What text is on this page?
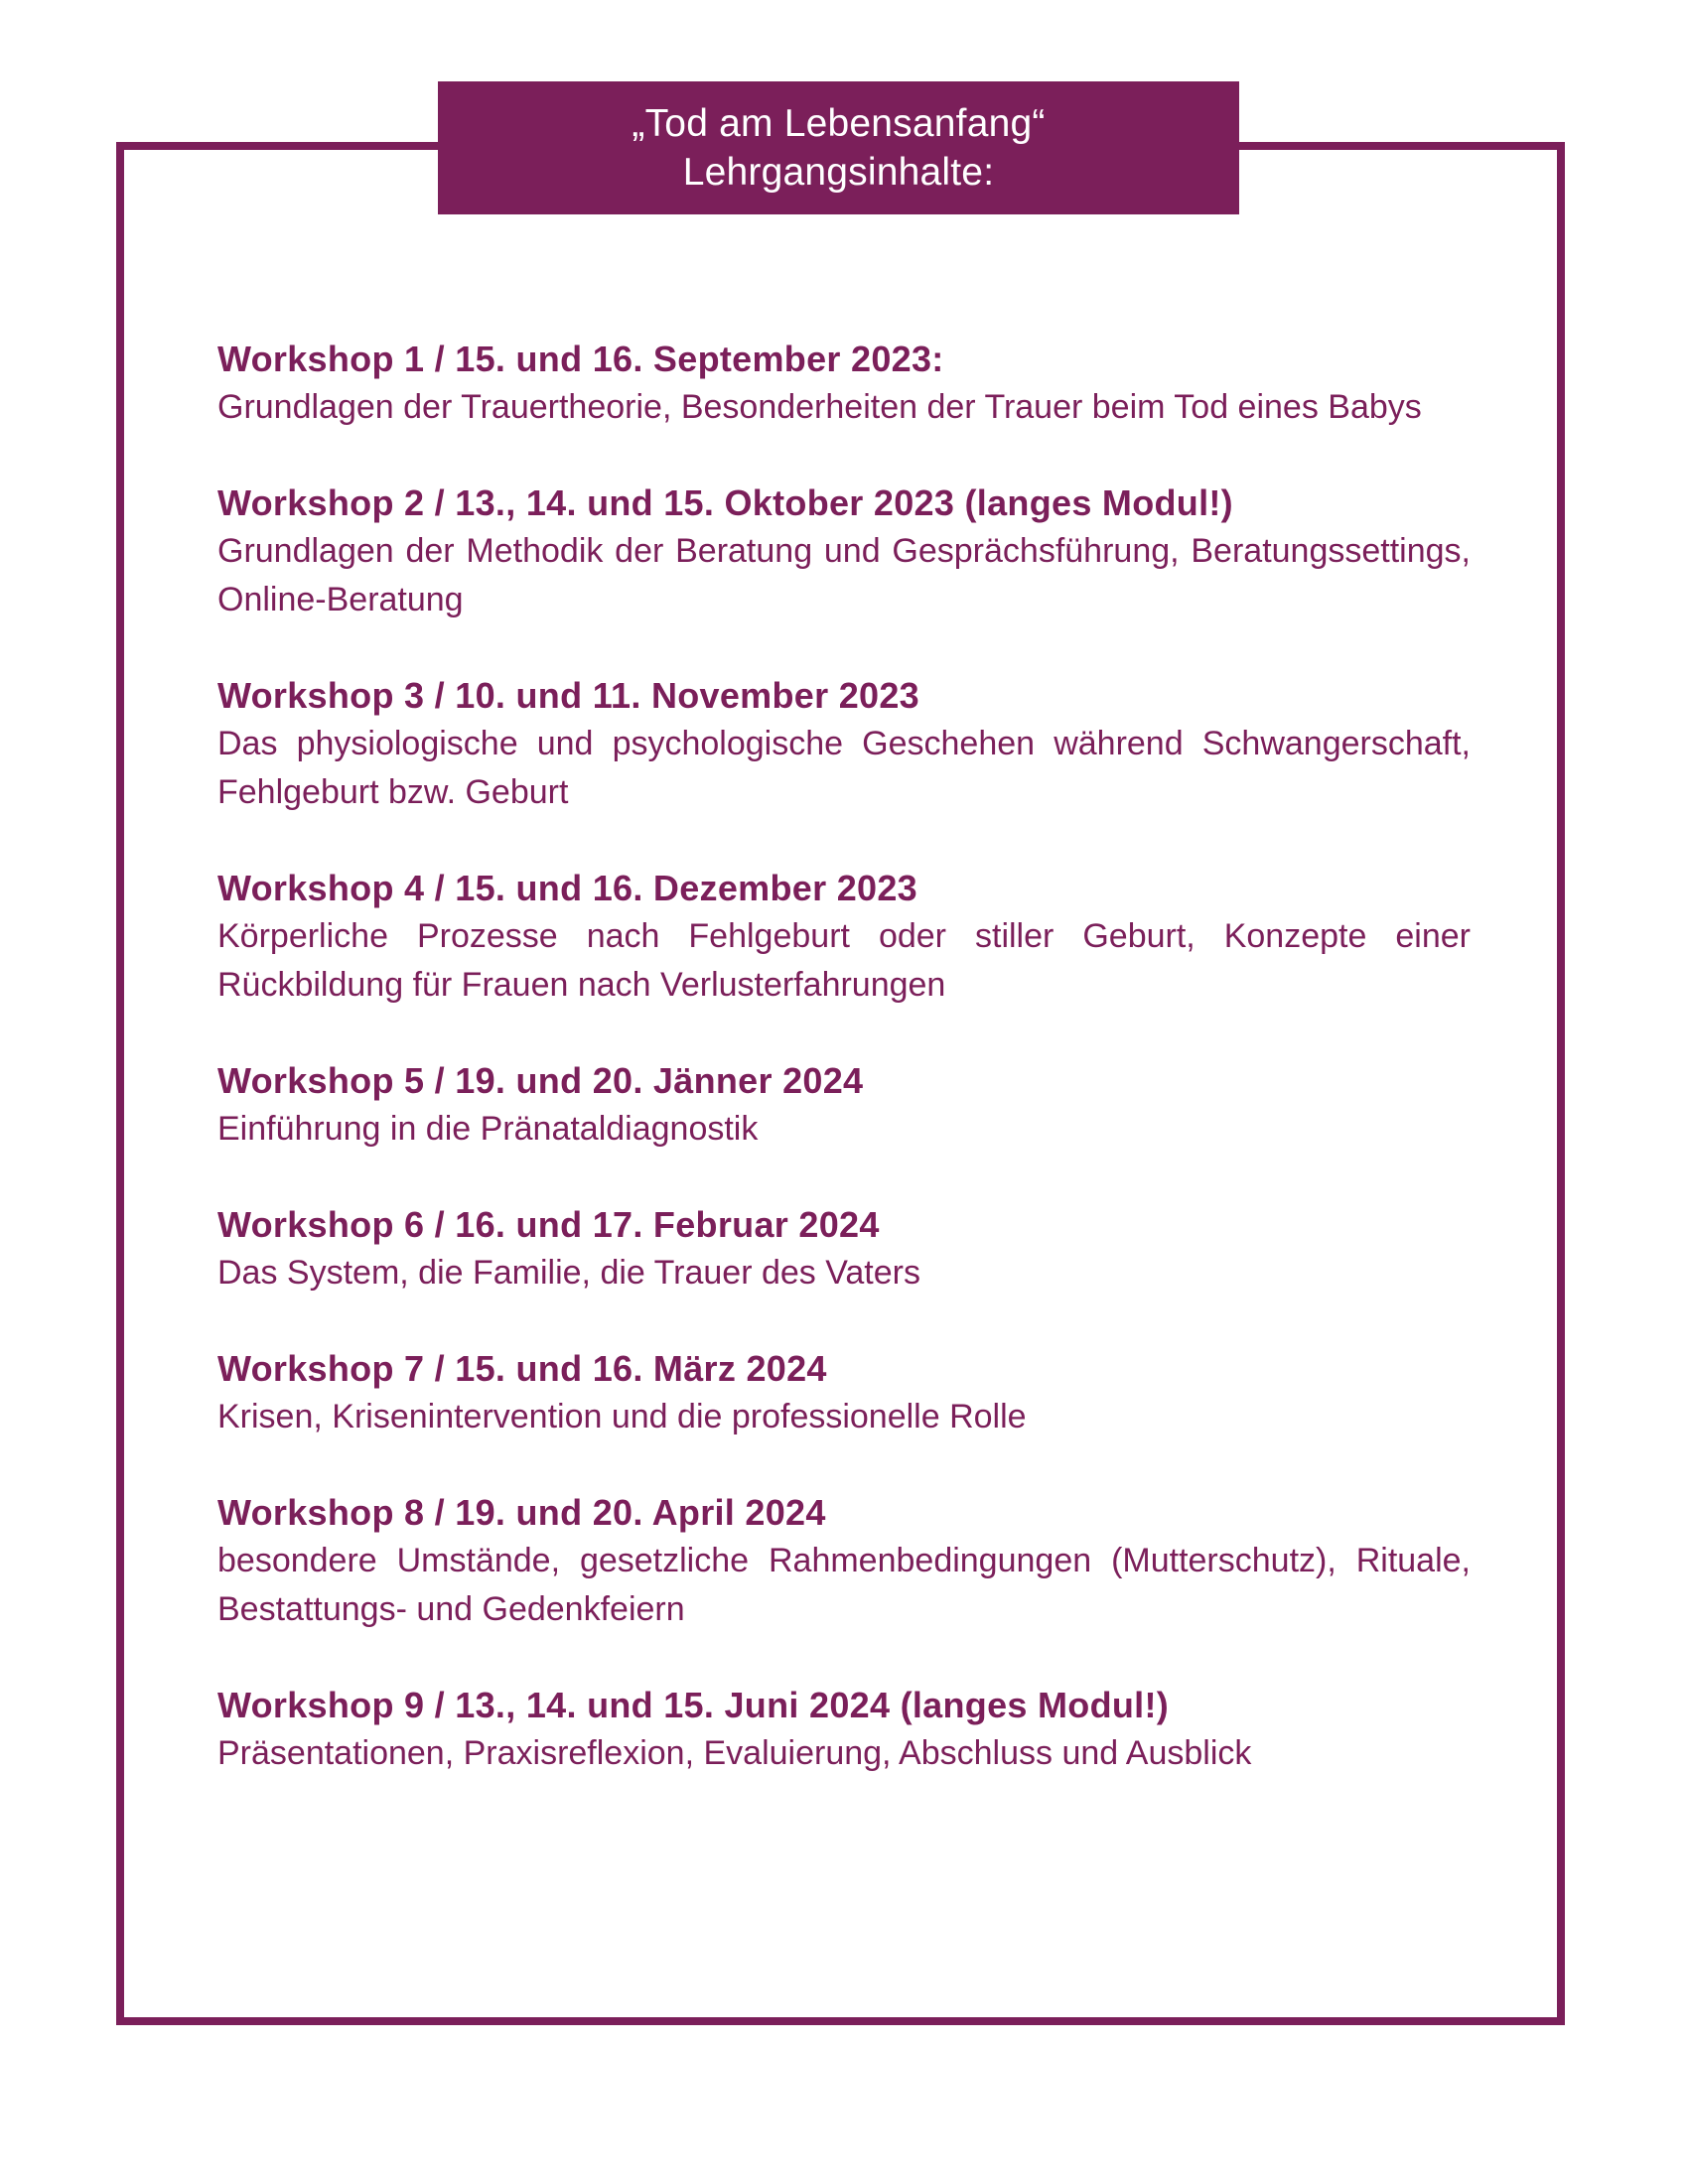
„Tod am Lebensanfang“
Lehrgangsinhalte:
Workshop 1 / 15. und 16. September 2023:
Grundlagen der Trauertheorie, Besonderheiten der Trauer beim Tod eines Babys
Workshop 2 / 13., 14. und 15. Oktober 2023 (langes Modul!)
Grundlagen der Methodik der Beratung und Gesprächsführung, Beratungssettings, Online-Beratung
Workshop 3 / 10. und 11. November 2023
Das physiologische und psychologische Geschehen während Schwangerschaft, Fehlgeburt bzw. Geburt
Workshop 4 / 15. und 16. Dezember 2023
Körperliche Prozesse nach Fehlgeburt oder stiller Geburt, Konzepte einer Rückbildung für Frauen nach Verlusterfahrungen
Workshop 5 / 19. und 20. Jänner 2024
Einführung in die Pränataldiagnostik
Workshop 6 / 16. und 17. Februar 2024
Das System, die Familie, die Trauer des Vaters
Workshop 7 / 15. und 16. März 2024
Krisen, Krisenintervention und die professionelle Rolle
Workshop 8 / 19. und 20. April 2024
besondere Umstände, gesetzliche Rahmenbedingungen (Mutterschutz), Rituale, Bestattungs- und Gedenkfeiern
Workshop 9 / 13., 14. und 15. Juni 2024 (langes Modul!)
Präsentationen, Praxisreflexion, Evaluierung, Abschluss und Ausblick
